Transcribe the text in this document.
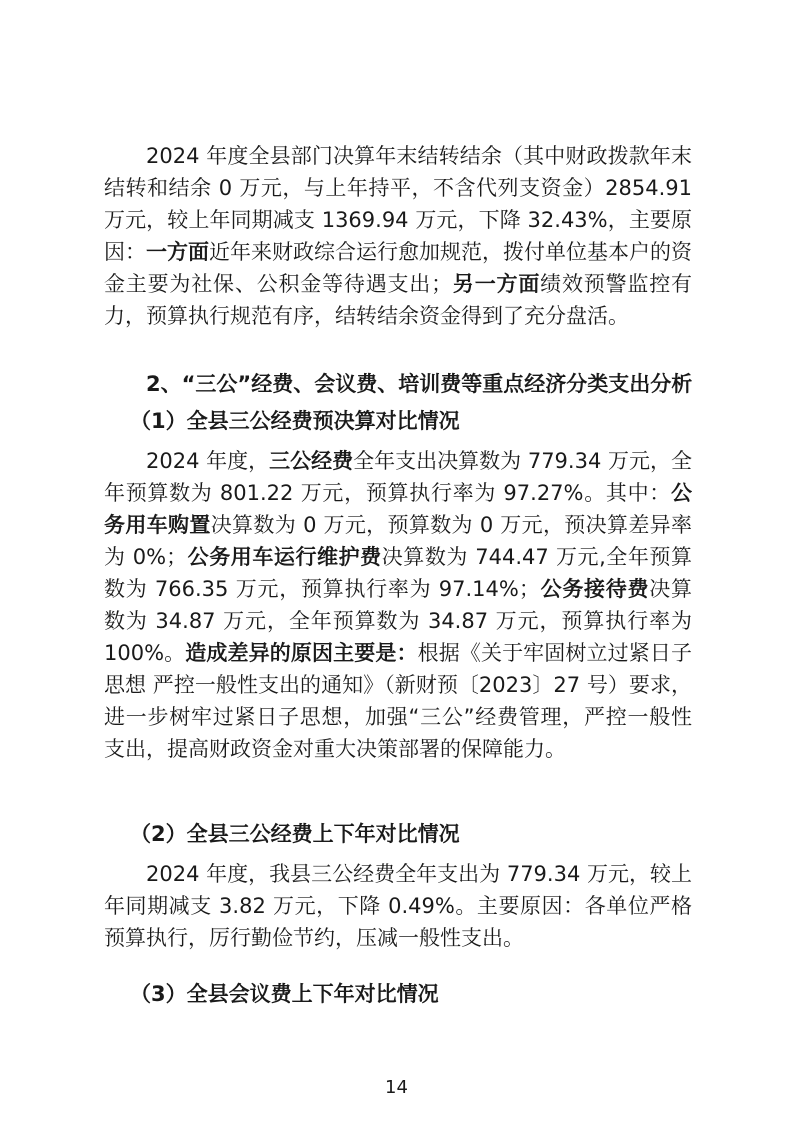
2024 年度全县部门决算年末结转结余（其中财政拨款年末结转和结余 0 万元，与上年持平，不含代列支资金）2854.91 万元，较上年同期减支 1369.94 万元，下降 32.43%，主要原因：一方面近年来财政综合运行愈加规范，拨付单位基本户的资金主要为社保、公积金等待遇支出；另一方面绩效预警监控有力，预算执行规范有序，结转结余资金得到了充分盘活。

2、“三公”经费、会议费、培训费等重点经济分类支出分析

（1）全县三公经费预决算对比情况

2024 年度，三公经费全年支出决算数为 779.34 万元，全年预算数为 801.22 万元，预算执行率为 97.27%。其中：公务用车购置决算数为 0 万元，预算数为 0 万元，预决算差异率为 0%；公务用车运行维护费决算数为 744.47 万元,全年预算数为 766.35 万元，预算执行率为 97.14%；公务接待费决算数为 34.87 万元，全年预算数为 34.87 万元，预算执行率为 100%。造成差异的原因主要是：根据《关于牢固树立过紧日子思想 严控一般性支出的通知》（新财预〔2023〕27 号）要求，进一步树牢过紧日子思想，加强“三公”经费管理，严控一般性支出，提高财政资金对重大决策部署的保障能力。

（2）全县三公经费上下年对比情况

2024 年度，我县三公经费全年支出为 779.34 万元，较上年同期减支 3.82 万元，下降 0.49%。主要原因：各单位严格预算执行，厉行勤俭节约，压减一般性支出。

（3）全县会议费上下年对比情况

14
